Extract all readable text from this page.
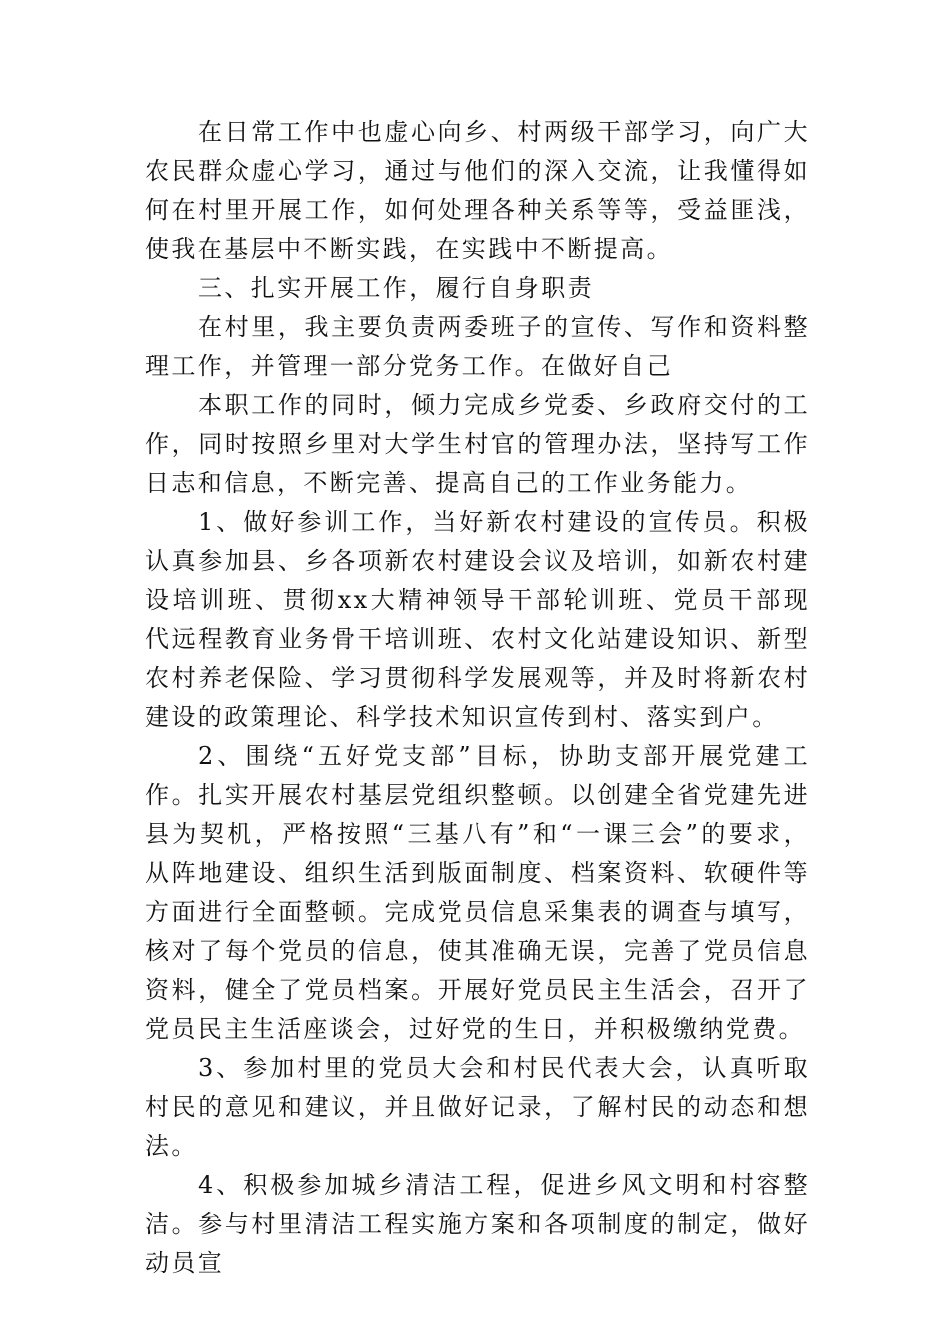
在日常工作中也虚心向乡、村两级干部学习，向广大农民群众虚心学习，通过与他们的深入交流，让我懂得如何在村里开展工作，如何处理各种关系等等，受益匪浅，使我在基层中不断实践，在实践中不断提高。

三、扎实开展工作，履行自身职责

在村里，我主要负责两委班子的宣传、写作和资料整理工作，并管理一部分党务工作。在做好自己

本职工作的同时，倾力完成乡党委、乡政府交付的工作，同时按照乡里对大学生村官的管理办法，坚持写工作日志和信息，不断完善、提高自己的工作业务能力。

1、做好参训工作，当好新农村建设的宣传员。积极认真参加县、乡各项新农村建设会议及培训，如新农村建设培训班、贯彻xx大精神领导干部轮训班、党员干部现代远程教育业务骨干培训班、农村文化站建设知识、新型农村养老保险、学习贯彻科学发展观等，并及时将新农村建设的政策理论、科学技术知识宣传到村、落实到户。

2、围绕“五好党支部”目标，协助支部开展党建工作。扎实开展农村基层党组织整顿。以创建全省党建先进县为契机，严格按照“三基八有”和“一课三会”的要求，从阵地建设、组织生活到版面制度、档案资料、软硬件等方面进行全面整顿。完成党员信息采集表的调查与填写，核对了每个党员的信息，使其准确无误，完善了党员信息资料，健全了党员档案。开展好党员民主生活会，召开了党员民主生活座谈会，过好党的生日，并积极缴纳党费。

3、参加村里的党员大会和村民代表大会，认真听取村民的意见和建议，并且做好记录，了解村民的动态和想法。

4、积极参加城乡清洁工程，促进乡风文明和村容整洁。参与村里清洁工程实施方案和各项制度的制定，做好动员宣
